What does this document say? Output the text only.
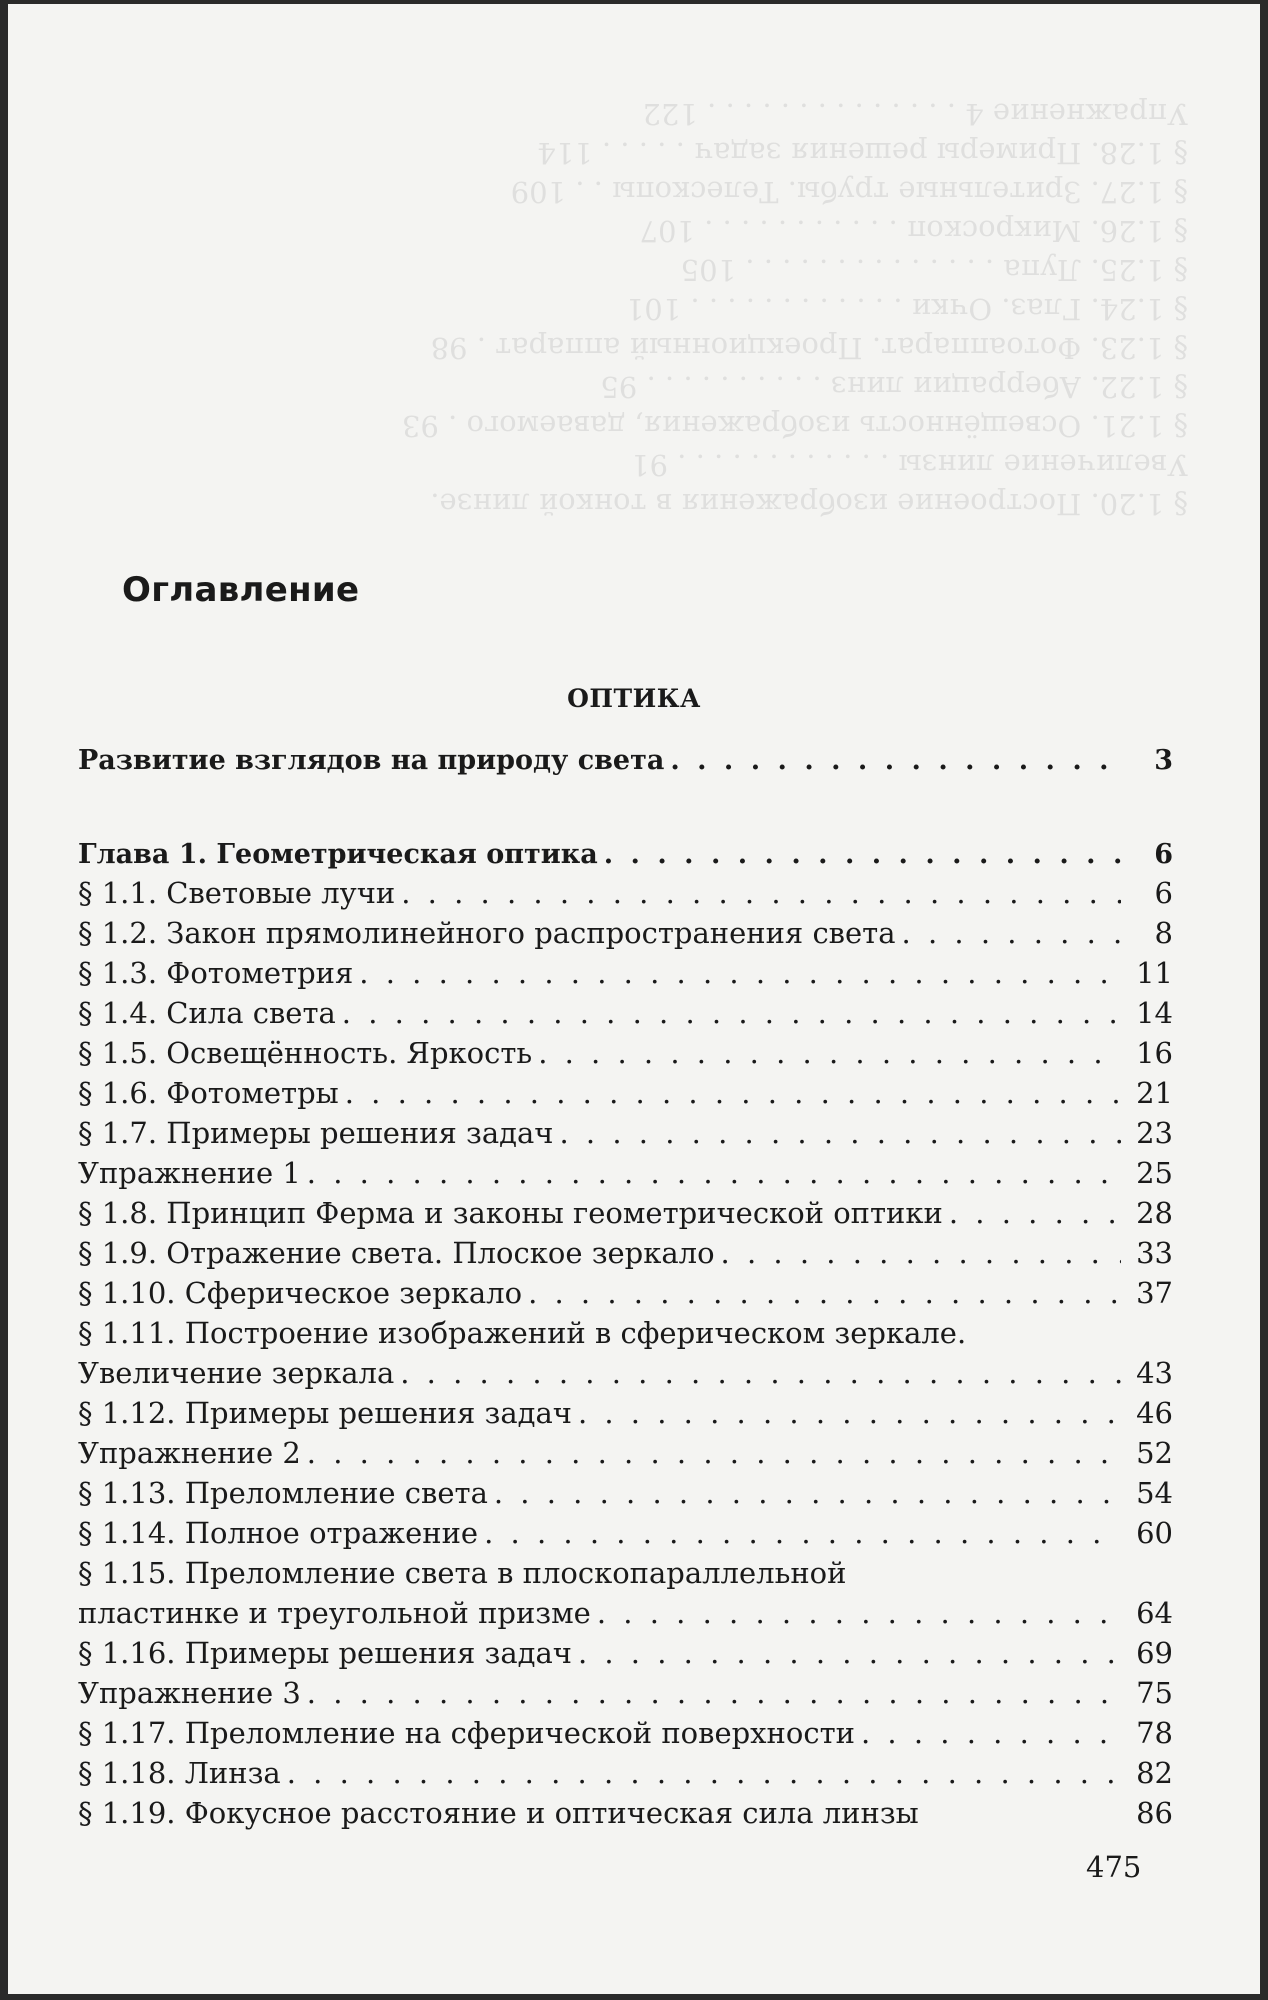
§ 1.20. Построение изображения в тонкой линзе.
Увеличение линзы . . . . . . . . . . . . 91
§ 1.21. Освещённость изображения, даваемого . 93
§ 1.22. Аберрации линз . . . . . . . . . . 95
§ 1.23. Фотоаппарат. Проекционный аппарат . 98
§ 1.24. Глаз. Очки . . . . . . . . . . . . 101
§ 1.25. Лупа . . . . . . . . . . . . . . 105
§ 1.26. Микроскоп . . . . . . . . . . . 107
§ 1.27. Зрительные трубы. Телескопы . . 109
§ 1.28. Примеры решения задач . . . . . 114
Упражнение 4 . . . . . . . . . . . . . . 122
Оглавление
ОПТИКА
Развитие взглядов на природу света . . .	3
Глава 1. Геометрическая оптика . . .	6
§ 1.1. Световые лучи . . .	6
§ 1.2. Закон прямолинейного распространения света . . .	8
§ 1.3. Фотометрия . . .	11
§ 1.4. Сила света . . .	14
§ 1.5. Освещённость. Яркость . . .	16
§ 1.6. Фотометры . . .	21
§ 1.7. Примеры решения задач . . .	23
Упражнение 1 . . .	25
§ 1.8. Принцип Ферма и законы геометрической оптики . . .	28
§ 1.9. Отражение света. Плоское зеркало . . .	33
§ 1.10. Сферическое зеркало . . .	37
§ 1.11. Построение изображений в сферическом зеркале.
Увеличение зеркала . . .	43
§ 1.12. Примеры решения задач . . .	46
Упражнение 2 . . .	52
§ 1.13. Преломление света . . .	54
§ 1.14. Полное отражение . . .	60
§ 1.15. Преломление света в плоскопараллельной
пластинке и треугольной призме . . .	64
§ 1.16. Примеры решения задач . . .	69
Упражнение 3 . . .	75
§ 1.17. Преломление на сферической поверхности . . .	78
§ 1.18. Линза . . .	82
§ 1.19. Фокусное расстояние и оптическая сила линзы	86
475
